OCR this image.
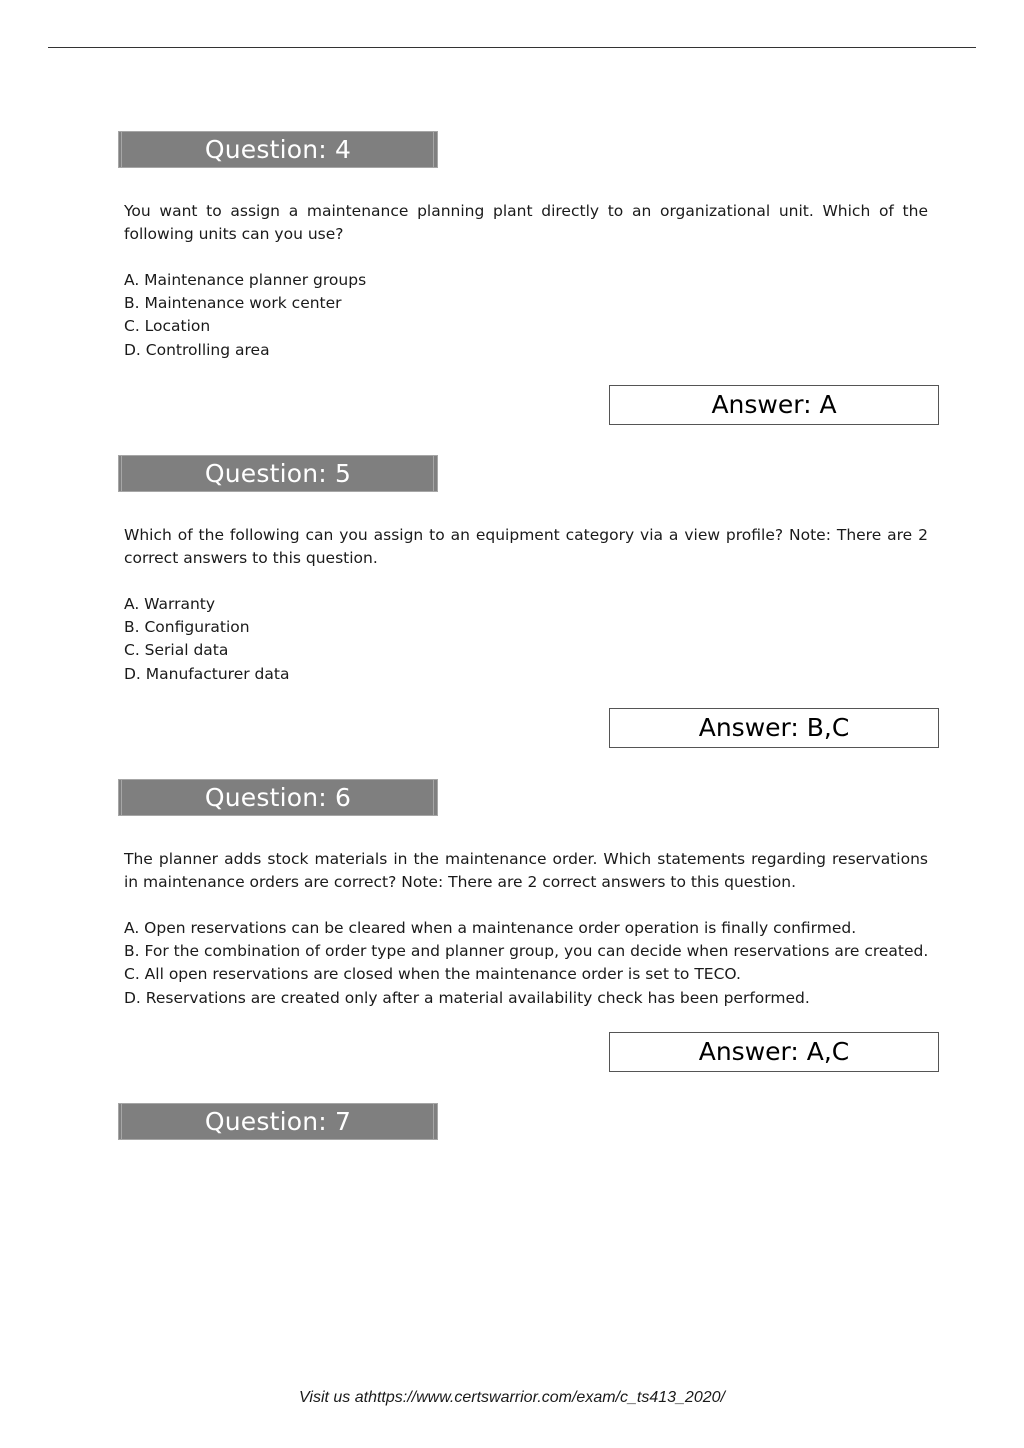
Question: 4

You want to assign a maintenance planning plant directly to an organizational unit. Which of the following units can you use?

A. Maintenance planner groups
B. Maintenance work center
C. Location
D. Controlling area
Answer: A
Question: 5

Which of the following can you assign to an equipment category via a view profile? Note: There are 2 correct answers to this question.

A. Warranty
B. Configuration
C. Serial data
D. Manufacturer data
Answer: B,C
Question: 6

The planner adds stock materials in the maintenance order. Which statements regarding reservations in maintenance orders are correct? Note: There are 2 correct answers to this question.

A. Open reservations can be cleared when a maintenance order operation is finally confirmed.
B. For the combination of order type and planner group, you can decide when reservations are created.
C. All open reservations are closed when the maintenance order is set to TECO.
D. Reservations are created only after a material availability check has been performed.
Answer: A,C
Question: 7
Visit us athttps://www.certswarrior.com/exam/c_ts413_2020/
